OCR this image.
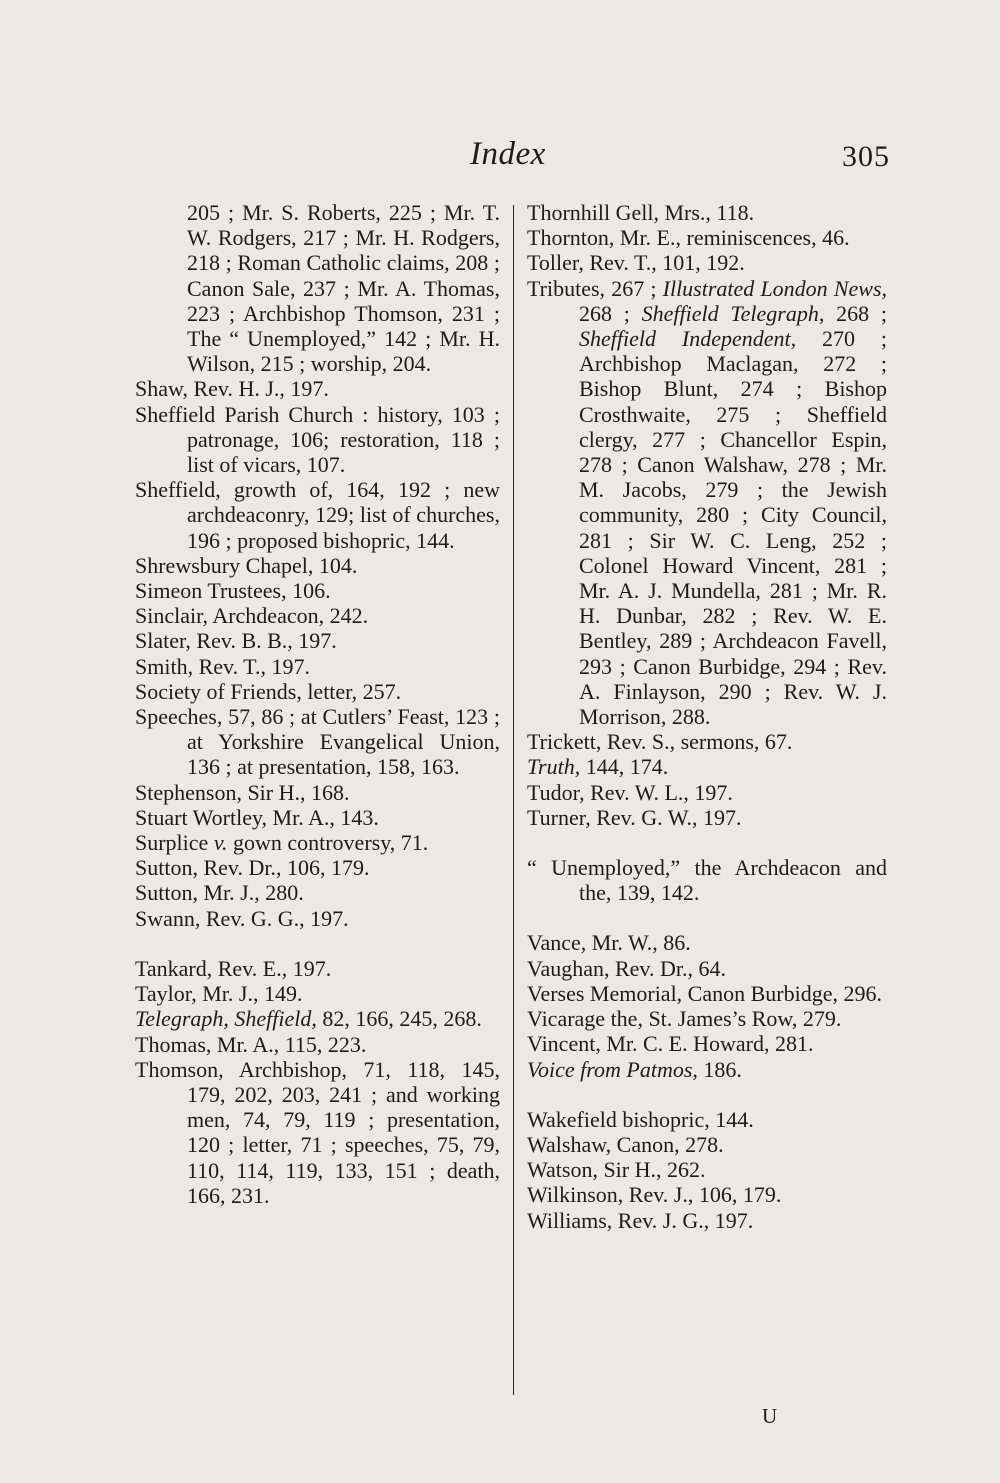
Index	305
205 ; Mr. S. Roberts, 225 ; Mr. T. W. Rodgers, 217 ; Mr. H. Rodgers, 218 ; Roman Catholic claims, 208 ; Canon Sale, 237 ; Mr. A. Thomas, 223 ; Archbishop Thomson, 231 ; The “ Unemployed,” 142 ; Mr. H. Wilson, 215 ; worship, 204.
Shaw, Rev. H. J., 197.
Sheffield Parish Church : history, 103 ; patronage, 106; restoration, 118 ; list of vicars, 107.
Sheffield, growth of, 164, 192 ; new archdeaconry, 129; list of churches, 196 ; proposed bishopric, 144.
Shrewsbury Chapel, 104.
Simeon Trustees, 106.
Sinclair, Archdeacon, 242.
Slater, Rev. B. B., 197.
Smith, Rev. T., 197.
Society of Friends, letter, 257.
Speeches, 57, 86 ; at Cutlers’ Feast, 123 ; at Yorkshire Evangelical Union, 136 ; at presentation, 158, 163.
Stephenson, Sir H., 168.
Stuart Wortley, Mr. A., 143.
Surplice v. gown controversy, 71.
Sutton, Rev. Dr., 106, 179.
Sutton, Mr. J., 280.
Swann, Rev. G. G., 197.
Tankard, Rev. E., 197.
Taylor, Mr. J., 149.
Telegraph, Sheffield, 82, 166, 245, 268.
Thomas, Mr. A., 115, 223.
Thomson, Archbishop, 71, 118, 145, 179, 202, 203, 241 ; and working men, 74, 79, 119 ; presentation, 120 ; letter, 71 ; speeches, 75, 79, 110, 114, 119, 133, 151 ; death, 166, 231.
Thornhill Gell, Mrs., 118.
Thornton, Mr. E., reminiscences, 46.
Toller, Rev. T., 101, 192.
Tributes, 267 ; Illustrated London News, 268 ; Sheffield Telegraph, 268 ; Sheffield Independent, 270 ; Archbishop Maclagan, 272 ; Bishop Blunt, 274 ; Bishop Crosthwaite, 275 ; Sheffield clergy, 277 ; Chancellor Espin, 278 ; Canon Walshaw, 278 ; Mr. M. Jacobs, 279 ; the Jewish community, 280 ; City Council, 281 ; Sir W. C. Leng, 252 ; Colonel Howard Vincent, 281 ; Mr. A. J. Mundella, 281 ; Mr. R. H. Dunbar, 282 ; Rev. W. E. Bentley, 289 ; Archdeacon Favell, 293 ; Canon Burbidge, 294 ; Rev. A. Finlayson, 290 ; Rev. W. J. Morrison, 288.
Trickett, Rev. S., sermons, 67.
Truth, 144, 174.
Tudor, Rev. W. L., 197.
Turner, Rev. G. W., 197.
“ Unemployed,” the Archdeacon and the, 139, 142.
Vance, Mr. W., 86.
Vaughan, Rev. Dr., 64.
Verses Memorial, Canon Burbidge, 296.
Vicarage the, St. James’s Row, 279.
Vincent, Mr. C. E. Howard, 281.
Voice from Patmos, 186.
Wakefield bishopric, 144.
Walshaw, Canon, 278.
Watson, Sir H., 262.
Wilkinson, Rev. J., 106, 179.
Williams, Rev. J. G., 197.
U
